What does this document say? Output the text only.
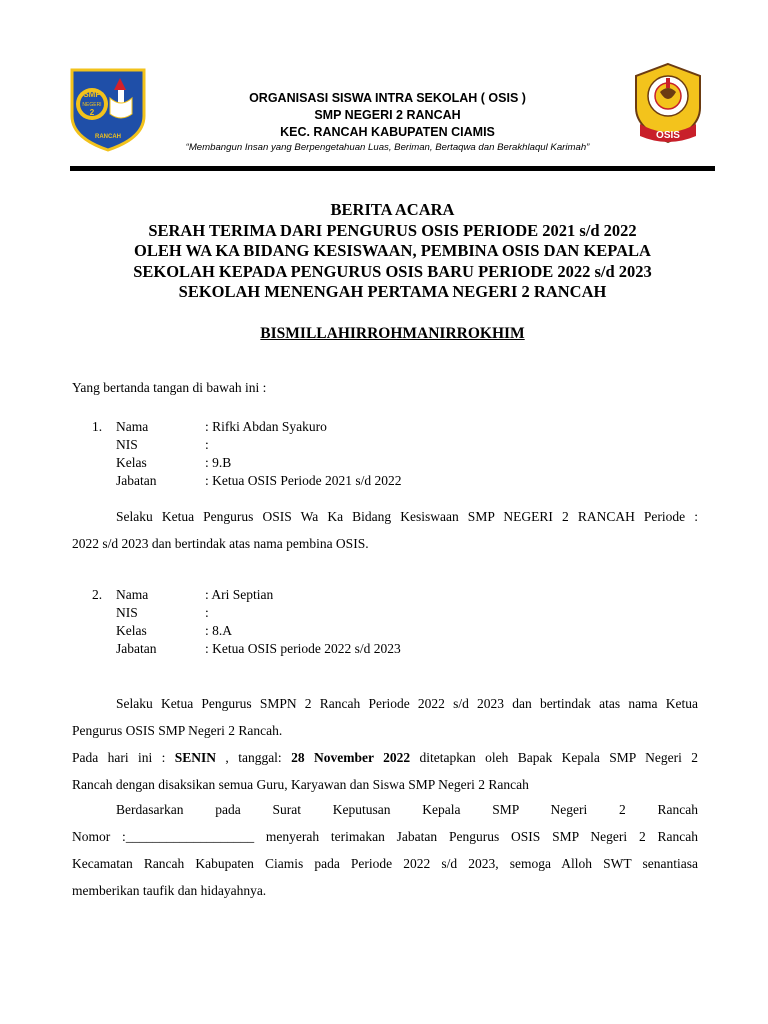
SMP
NEGERI
2
RANCAH	OSIS
ORGANISASI SISWA INTRA SEKOLAH ( OSIS )
SMP NEGERI 2 RANCAH
KEC. RANCAH KABUPATEN CIAMIS
“Membangun Insan yang Berpengetahuan Luas, Beriman, Bertaqwa dan Berakhlaqul Karimah”
BERITA ACARA
SERAH TERIMA DARI PENGURUS OSIS PERIODE 2021 s/d 2022
OLEH WA KA BIDANG KESISWAAN, PEMBINA OSIS DAN KEPALA
SEKOLAH KEPADA PENGURUS OSIS BARU PERIODE 2022 s/d 2023
SEKOLAH MENENGAH PERTAMA NEGERI 2 RANCAH
BISMILLAHIRROHMANIRROKHIM
Yang bertanda tangan di bawah ini :
1.	Nama	: Rifki Abdan Syakuro
NIS	:
Kelas	: 9.B
Jabatan	: Ketua OSIS Periode 2021 s/d 2022
Selaku Ketua Pengurus OSIS Wa Ka Bidang Kesiswaan SMP NEGERI 2 RANCAH Periode :
2022 s/d 2023 dan bertindak atas nama pembina OSIS.
2.	Nama	: Ari Septian
NIS	:
Kelas	: 8.A
Jabatan	: Ketua OSIS periode 2022 s/d 2023
Selaku Ketua Pengurus SMPN 2 Rancah Periode 2022 s/d 2023 dan bertindak atas nama Ketua
Pengurus OSIS SMP Negeri 2 Rancah.
Pada hari ini : SENIN , tanggal: 28 November 2022 ditetapkan oleh Bapak Kepala SMP Negeri 2
Rancah dengan disaksikan semua Guru, Karyawan dan Siswa SMP Negeri 2 Rancah
Berdasarkan pada Surat Keputusan Kepala SMP Negeri 2 Rancah
Nomor :___________________ menyerah terimakan Jabatan Pengurus OSIS SMP Negeri 2 Rancah
Kecamatan Rancah Kabupaten Ciamis pada Periode 2022 s/d 2023, semoga Alloh SWT senantiasa
memberikan taufik dan hidayahnya.
